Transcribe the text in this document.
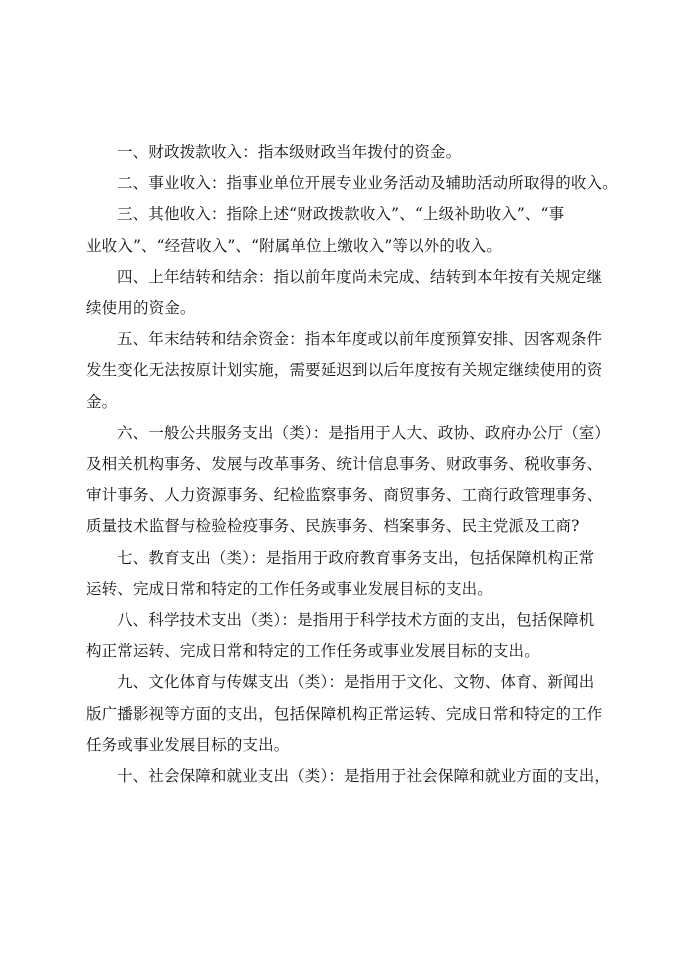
一、财政拨款收入：指本级财政当年拨付的资金。
二、事业收入：指事业单位开展专业业务活动及辅助活动所取得的收入。
三、其他收入：指除上述“财政拨款收入”、“上级补助收入”、“事
业收入”、“经营收入”、“附属单位上缴收入”等以外的收入。
四、上年结转和结余：指以前年度尚未完成、结转到本年按有关规定继
续使用的资金。
五、年末结转和结余资金：指本年度或以前年度预算安排、因客观条件
发生变化无法按原计划实施，需要延迟到以后年度按有关规定继续使用的资
金。
六、一般公共服务支出（类）：是指用于人大、政协、政府办公厅（室）
及相关机构事务、发展与改革事务、统计信息事务、财政事务、税收事务、
审计事务、人力资源事务、纪检监察事务、商贸事务、工商行政管理事务、
质量技术监督与检验检疫事务、民族事务、档案事务、民主党派及工商?
七、教育支出（类）：是指用于政府教育事务支出，包括保障机构正常
运转、完成日常和特定的工作任务或事业发展目标的支出。
八、科学技术支出（类）：是指用于科学技术方面的支出，包括保障机
构正常运转、完成日常和特定的工作任务或事业发展目标的支出。
九、文化体育与传媒支出（类）：是指用于文化、文物、体育、新闻出
版广播影视等方面的支出，包括保障机构正常运转、完成日常和特定的工作
任务或事业发展目标的支出。
十、社会保障和就业支出（类）：是指用于社会保障和就业方面的支出，
